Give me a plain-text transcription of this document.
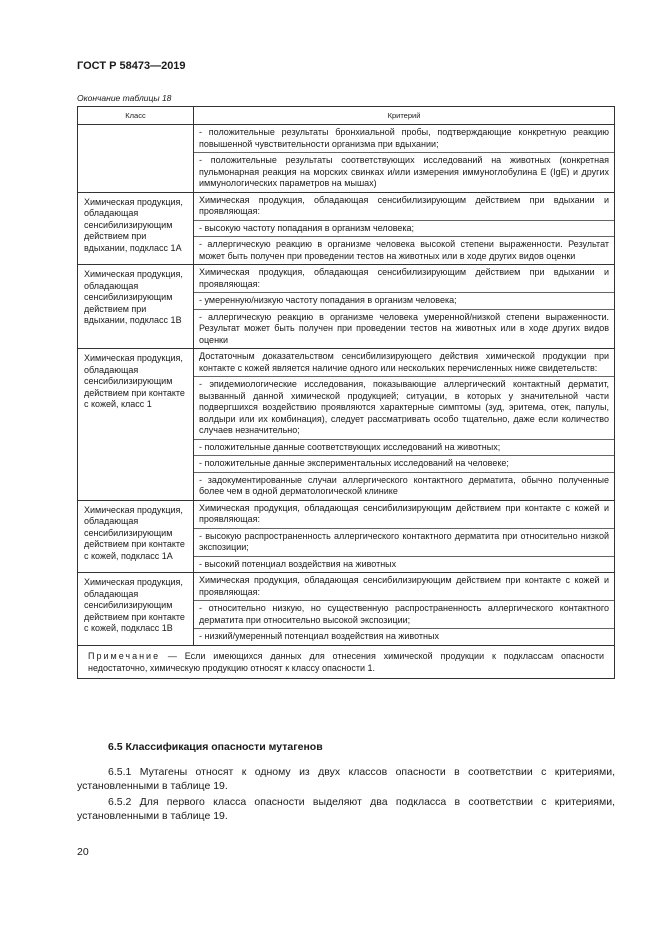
ГОСТ Р 58473—2019
Окончание таблицы 18
Класс	Критерий

	- положительные результаты бронхиальной пробы, подтверждающие конкретную реакцию повышенной чувствительности организма при вдыхании;
- положительные результаты соответствующих исследований на животных (конкретная пульмонарная реакция на морских свинках и/или измерения иммуноглобулина E (IgE) и других иммунологических параметров на мышах)

Химическая продукция, обладающая сенсибилизирующим действием при вдыхании, подкласс 1А	Химическая продукция, обладающая сенсибилизирующим действием при вдыхании и проявляющая:
- высокую частоту попадания в организм человека;
- аллергическую реакцию в организме человека высокой степени выраженности. Результат может быть получен при проведении тестов на животных или в ходе других видов оценки

Химическая продукция, обладающая сенсибилизирующим действием при вдыхании, подкласс 1В	Химическая продукция, обладающая сенсибилизирующим действием при вдыхании и проявляющая:
- умеренную/низкую частоту попадания в организм человека;
- аллергическую реакцию в организме человека умеренной/низкой степени выраженности. Результат может быть получен при проведении тестов на животных или в ходе других видов оценки

Химическая продукция, обладающая сенсибилизирующим действием при контакте с кожей, класс 1	Достаточным доказательством сенсибилизирующего действия химической продукции при контакте с кожей является наличие одного или нескольких перечисленных ниже свидетельств:
- эпидемиологические исследования, показывающие аллергический контактный дерматит, вызванный данной химической продукцией; ситуации, в которых у значительной части подвергшихся воздействию проявляются характерные симптомы (зуд, эритема, отек, папулы, волдыри или их комбинация), следует рассматривать особо тщательно, даже если количество случаев незначительно;
- положительные данные соответствующих исследований на животных;
- положительные данные экспериментальных исследований на человеке;
- задокументированные случаи аллергического контактного дерматита, обычно полученные более чем в одной дерматологической клинике

Химическая продукция, обладающая сенсибилизирующим действием при контакте с кожей, подкласс 1А	Химическая продукция, обладающая сенсибилизирующим действием при контакте с кожей и проявляющая:
- высокую распространенность аллергического контактного дерматита при относительно низкой экспозиции;
- высокий потенциал воздействия на животных

Химическая продукция, обладающая сенсибилизирующим действием при контакте с кожей, подкласс 1В	Химическая продукция, обладающая сенсибилизирующим действием при контакте с кожей и проявляющая:
- относительно низкую, но существенную распространенность аллергического контактного дерматита при относительно высокой экспозиции;
- низкий/умеренный потенциал воздействия на животных

Примечание — Если имеющихся данных для отнесения химической продукции к подклассам опасности недостаточно, химическую продукцию относят к классу опасности 1.	
6.5 Классификация опасности мутагенов
6.5.1 Мутагены относят к одному из двух классов опасности в соответствии с критериями, установленными в таблице 19.
6.5.2 Для первого класса опасности выделяют два подкласса в соответствии с критериями, установленными в таблице 19.
20
